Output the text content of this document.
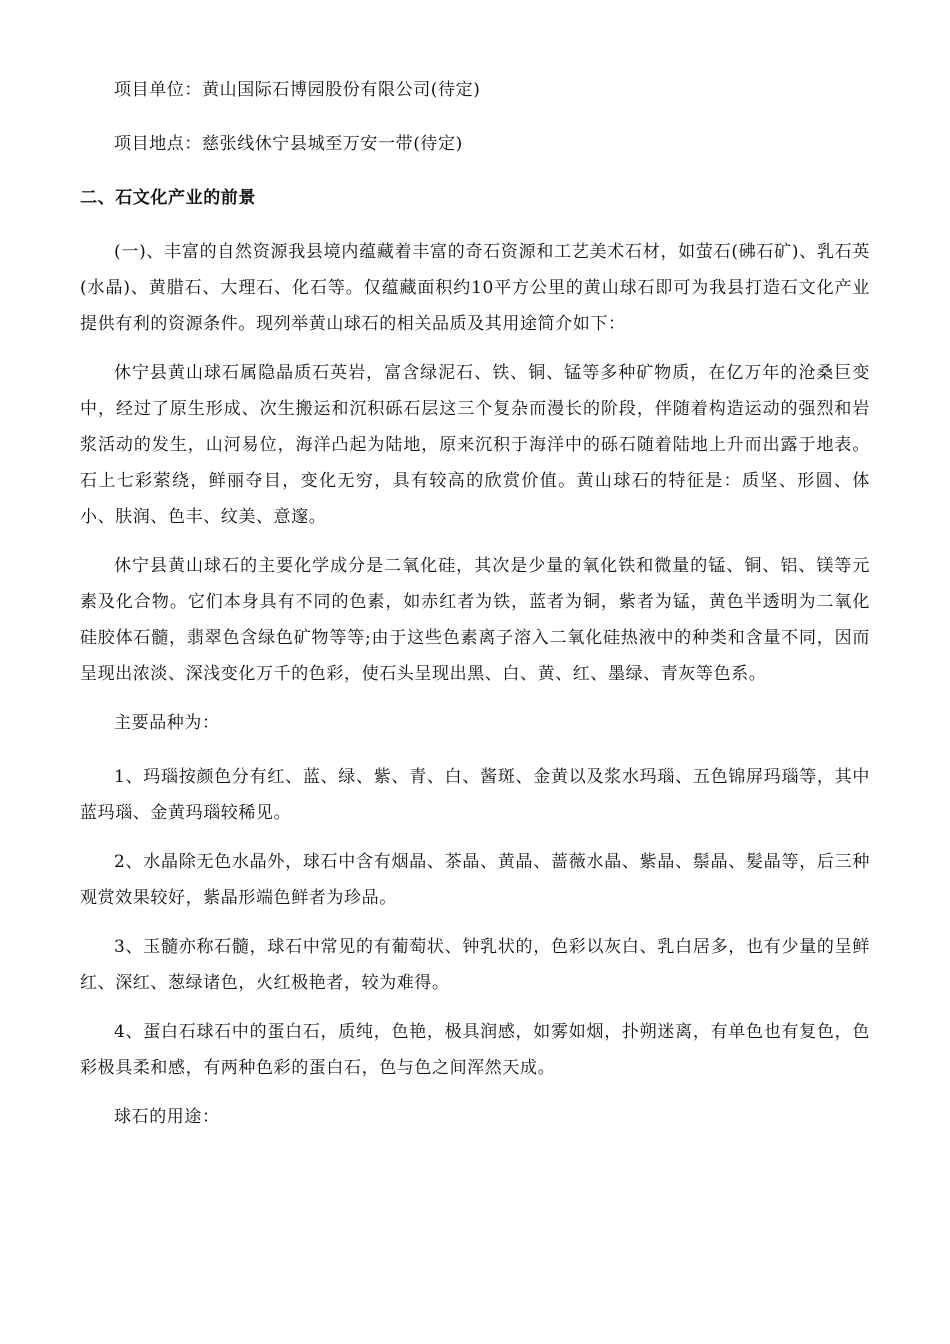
项目单位：黄山国际石博园股份有限公司(待定)

项目地点：慈张线休宁县城至万安一带(待定)

二、石文化产业的前景

(一)、丰富的自然资源我县境内蕴藏着丰富的奇石资源和工艺美术石材，如萤石(砩石矿)、乳石英(水晶)、黄腊石、大理石、化石等。仅蕴藏面积约10平方公里的黄山球石即可为我县打造石文化产业提供有利的资源条件。现列举黄山球石的相关品质及其用途简介如下：

休宁县黄山球石属隐晶质石英岩，富含绿泥石、铁、铜、锰等多种矿物质，在亿万年的沧桑巨变中，经过了原生形成、次生搬运和沉积砾石层这三个复杂而漫长的阶段，伴随着构造运动的强烈和岩浆活动的发生，山河易位，海洋凸起为陆地，原来沉积于海洋中的砾石随着陆地上升而出露于地表。石上七彩萦绕，鲜丽夺目，变化无穷，具有较高的欣赏价值。黄山球石的特征是：质坚、形圆、体小、肤润、色丰、纹美、意邃。

休宁县黄山球石的主要化学成分是二氧化硅，其次是少量的氧化铁和微量的锰、铜、铝、镁等元素及化合物。它们本身具有不同的色素，如赤红者为铁，蓝者为铜，紫者为锰，黄色半透明为二氧化硅胶体石髓，翡翠色含绿色矿物等等;由于这些色素离子溶入二氧化硅热液中的种类和含量不同，因而呈现出浓淡、深浅变化万千的色彩，使石头呈现出黑、白、黄、红、墨绿、青灰等色系。

主要品种为：

1、玛瑙按颜色分有红、蓝、绿、紫、青、白、酱斑、金黄以及浆水玛瑙、五色锦屏玛瑙等，其中蓝玛瑙、金黄玛瑙较稀见。

2、水晶除无色水晶外，球石中含有烟晶、茶晶、黄晶、蔷薇水晶、紫晶、鬃晶、髪晶等，后三种观赏效果较好，紫晶形端色鲜者为珍品。

3、玉髓亦称石髓，球石中常见的有葡萄状、钟乳状的，色彩以灰白、乳白居多，也有少量的呈鲜红、深红、葱绿诸色，火红极艳者，较为难得。

4、蛋白石球石中的蛋白石，质纯，色艳，极具润感，如雾如烟，扑朔迷离，有单色也有复色，色彩极具柔和感，有两种色彩的蛋白石，色与色之间浑然天成。

球石的用途：
